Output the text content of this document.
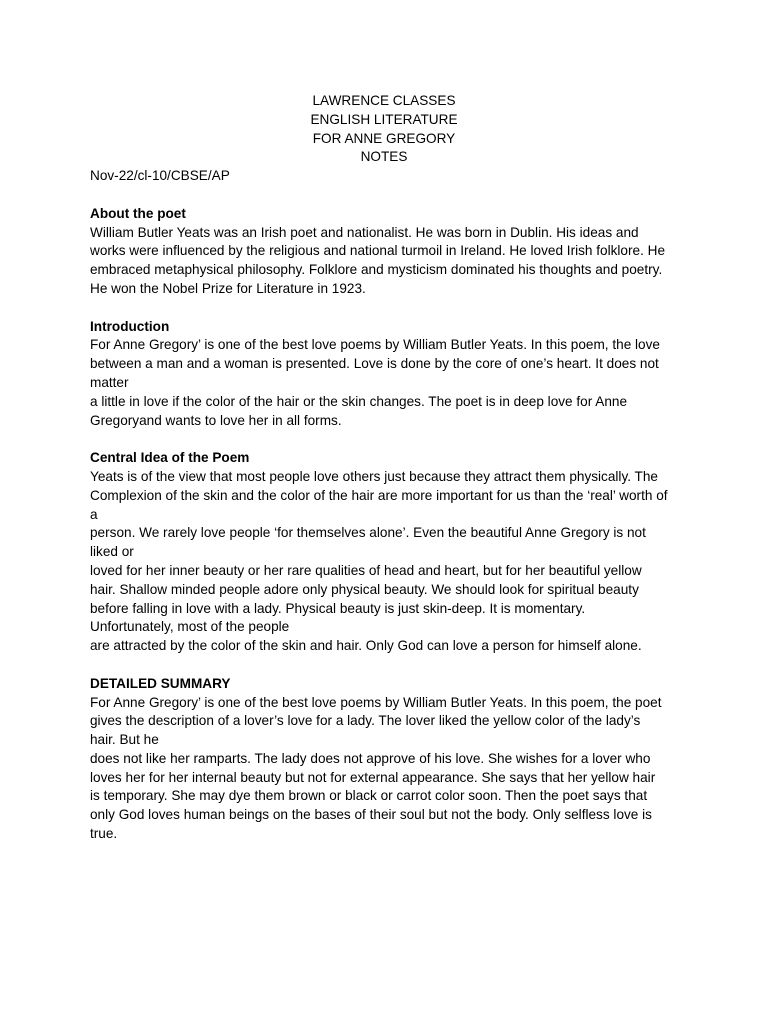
LAWRENCE CLASSES
ENGLISH LITERATURE
FOR ANNE GREGORY
NOTES
Nov-22/cl-10/CBSE/AP
About the poet
William Butler Yeats was an Irish poet and nationalist. He was born in Dublin. His ideas and
works were influenced by the religious and national turmoil in Ireland. He loved Irish folklore. He
embraced metaphysical philosophy. Folklore and mysticism dominated his thoughts and poetry.
He won the Nobel Prize for Literature in 1923.
Introduction
For Anne Gregory’ is one of the best love poems by William Butler Yeats. In this poem, the love
between a man and a woman is presented. Love is done by the core of one’s heart. It does not
matter
a little in love if the color of the hair or the skin changes. The poet is in deep love for Anne
Gregoryand wants to love her in all forms.
Central Idea of the Poem
Yeats is of the view that most people love others just because they attract them physically. The
Complexion of the skin and the color of the hair are more important for us than the ‘real’ worth of
a
person. We rarely love people ‘for themselves alone’. Even the beautiful Anne Gregory is not
liked or
loved for her inner beauty or her rare qualities of head and heart, but for her beautiful yellow
hair. Shallow minded people adore only physical beauty. We should look for spiritual beauty
before falling in love with a lady. Physical beauty is just skin-deep. It is momentary.
Unfortunately, most of the people
are attracted by the color of the skin and hair. Only God can love a person for himself alone.
DETAILED SUMMARY
For Anne Gregory’ is one of the best love poems by William Butler Yeats. In this poem, the poet
gives the description of a lover’s love for a lady. The lover liked the yellow color of the lady’s
hair. But he
does not like her ramparts. The lady does not approve of his love. She wishes for a lover who
loves her for her internal beauty but not for external appearance. She says that her yellow hair
is temporary. She may dye them brown or black or carrot color soon. Then the poet says that
only God loves human beings on the bases of their soul but not the body. Only selfless love is
true.
